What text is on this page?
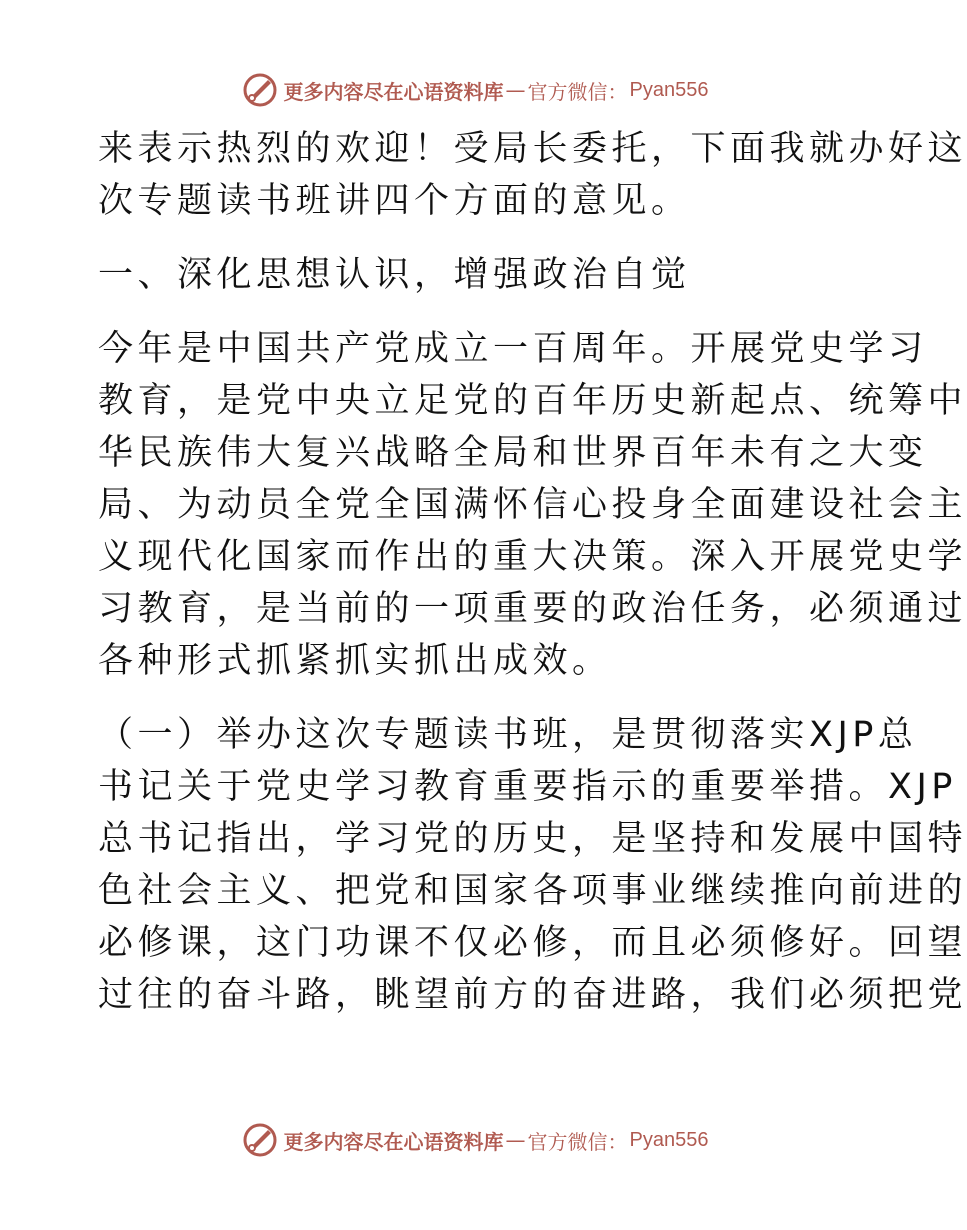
更多内容尽在心语资料库 — 官方微信： Pyan556
来表示热烈的欢迎！受局长委托，下面我就办好这
次专题读书班讲四个方面的意见。
一、深化思想认识，增强政治自觉
今年是中国共产党成立一百周年。开展党史学习
教育，是党中央立足党的百年历史新起点、统筹中
华民族伟大复兴战略全局和世界百年未有之大变
局、为动员全党全国满怀信心投身全面建设社会主
义现代化国家而作出的重大决策。深入开展党史学
习教育，是当前的一项重要的政治任务，必须通过
各种形式抓紧抓实抓出成效。
（一）举办这次专题读书班，是贯彻落实XJP总
书记关于党史学习教育重要指示的重要举措。XJP
总书记指出，学习党的历史，是坚持和发展中国特
色社会主义、把党和国家各项事业继续推向前进的
必修课，这门功课不仅必修，而且必须修好。回望
过往的奋斗路，眺望前方的奋进路，我们必须把党
更多内容尽在心语资料库 — 官方微信： Pyan556
